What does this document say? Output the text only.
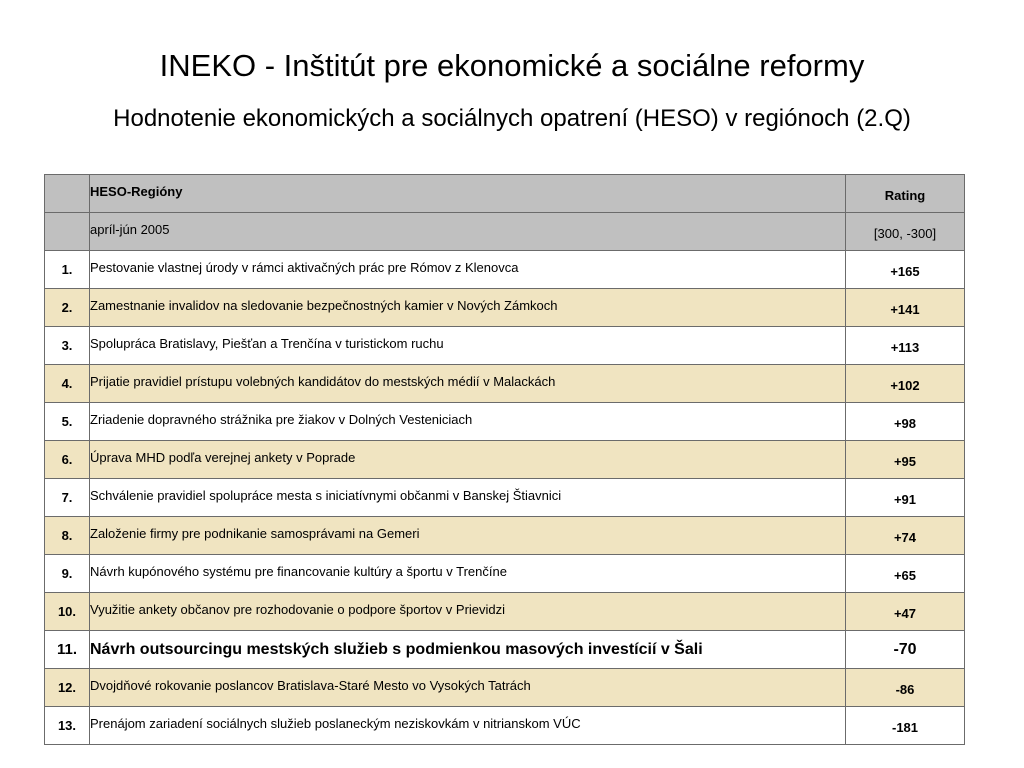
INEKO - Inštitút pre ekonomické a sociálne reformy
Hodnotenie ekonomických a sociálnych opatrení (HESO) v regiónoch (2.Q)
	HESO-Regióny	Rating
	apríl-jún 2005	[300, -300]
1.	Pestovanie vlastnej úrody v rámci aktivačných prác pre Rómov z Klenovca	+165
2.	Zamestnanie invalidov na sledovanie bezpečnostných kamier v Nových Zámkoch	+141
3.	Spolupráca Bratislavy, Piešťan a Trenčína v turistickom ruchu	+113
4.	Prijatie pravidiel prístupu volebných kandidátov do mestských médií v Malackách	+102
5.	Zriadenie dopravného strážnika pre žiakov v Dolných Vesteniciach	+98
6.	Úprava MHD podľa verejnej ankety v Poprade	+95
7.	Schválenie pravidiel spolupráce mesta s iniciatívnymi občanmi v Banskej Štiavnici	+91
8.	Založenie firmy pre podnikanie samosprávami na Gemeri	+74
9.	Návrh kupónového systému pre financovanie kultúry a športu v Trenčíne	+65
10.	Využitie ankety občanov pre rozhodovanie o podpore športov v Prievidzi	+47
11.	Návrh outsourcingu mestských služieb s podmienkou masových investícií v Šali	-70
12.	Dvojdňové rokovanie poslancov Bratislava-Staré Mesto vo Vysokých Tatrách	-86
13.	Prenájom zariadení sociálnych služieb poslaneckým neziskovkám v nitrianskom VÚC	-181
